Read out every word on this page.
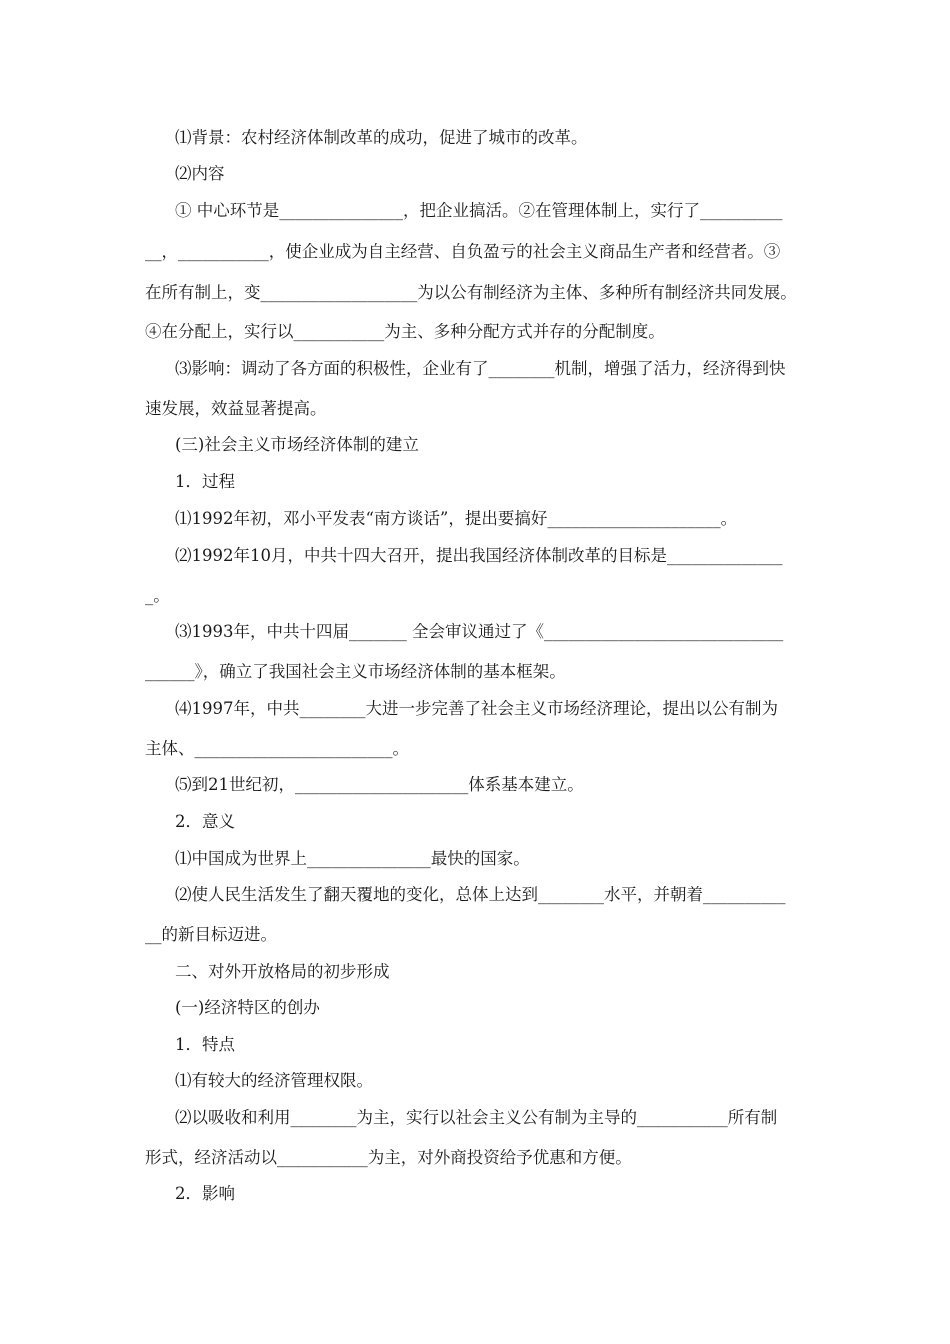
⑴背景：农村经济体制改革的成功，促进了城市的改革。
⑵内容
① 中心环节是_______________，把企业搞活。②在管理体制上，实行了__________
__，___________，使企业成为自主经营、自负盈亏的社会主义商品生产者和经营者。③
在所有制上，变___________________为以公有制经济为主体、多种所有制经济共同发展。
④在分配上，实行以___________为主、多种分配方式并存的分配制度。
⑶影响：调动了各方面的积极性，企业有了________机制，增强了活力，经济得到快
速发展，效益显著提高。
(三)社会主义市场经济体制的建立
1．过程
⑴1992年初，邓小平发表“南方谈话”，提出要搞好_____________________。
⑵1992年10月，中共十四大召开，提出我国经济体制改革的目标是______________
_。
⑶1993年，中共十四届_______ 全会审议通过了《_____________________________
______》，确立了我国社会主义市场经济体制的基本框架。
⑷1997年，中共________大进一步完善了社会主义市场经济理论，提出以公有制为
主体、________________________。
⑸到21世纪初，_____________________体系基本建立。
2．意义
⑴中国成为世界上_______________最快的国家。
⑵使人民生活发生了翻天覆地的变化，总体上达到________水平，并朝着__________
__的新目标迈进。
二、对外开放格局的初步形成
(一)经济特区的创办
1．特点
⑴有较大的经济管理权限。
⑵以吸收和利用________为主，实行以社会主义公有制为主导的___________所有制
形式，经济活动以___________为主，对外商投资给予优惠和方便。
2．影响
